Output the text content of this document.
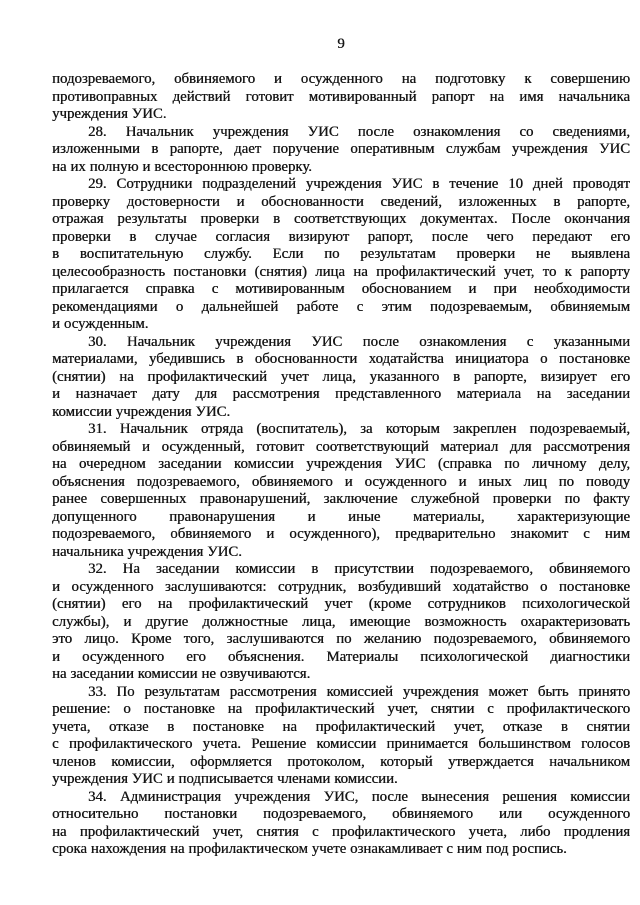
9
подозреваемого, обвиняемого и осужденного на подготовку к совершению
противоправных действий готовит мотивированный рапорт на имя начальника
учреждения УИС.
28. Начальник учреждения УИС после ознакомления со сведениями,
изложенными в рапорте, дает поручение оперативным службам учреждения УИС
на их полную и всестороннюю проверку.
29. Сотрудники подразделений учреждения УИС в течение 10 дней проводят
проверку достоверности и обоснованности сведений, изложенных в рапорте,
отражая результаты проверки в соответствующих документах. После окончания
проверки в случае согласия визируют рапорт, после чего передают его
в воспитательную службу. Если по результатам проверки не выявлена
целесообразность постановки (снятия) лица на профилактический учет, то к рапорту
прилагается справка с мотивированным обоснованием и при необходимости
рекомендациями о дальнейшей работе с этим подозреваемым, обвиняемым
и осужденным.
30. Начальник учреждения УИС после ознакомления с указанными
материалами, убедившись в обоснованности ходатайства инициатора о постановке
(снятии) на профилактический учет лица, указанного в рапорте, визирует его
и назначает дату для рассмотрения представленного материала на заседании
комиссии учреждения УИС.
31. Начальник отряда (воспитатель), за которым закреплен подозреваемый,
обвиняемый и осужденный, готовит соответствующий материал для рассмотрения
на очередном заседании комиссии учреждения УИС (справка по личному делу,
объяснения подозреваемого, обвиняемого и осужденного и иных лиц по поводу
ранее совершенных правонарушений, заключение служебной проверки по факту
допущенного правонарушения и иные материалы, характеризующие
подозреваемого, обвиняемого и осужденного), предварительно знакомит с ним
начальника учреждения УИС.
32. На заседании комиссии в присутствии подозреваемого, обвиняемого
и осужденного заслушиваются: сотрудник, возбудивший ходатайство о постановке
(снятии) его на профилактический учет (кроме сотрудников психологической
службы), и другие должностные лица, имеющие возможность охарактеризовать
это лицо. Кроме того, заслушиваются по желанию подозреваемого, обвиняемого
и осужденного его объяснения. Материалы психологической диагностики
на заседании комиссии не озвучиваются.
33. По результатам рассмотрения комиссией учреждения может быть принято
решение: о постановке на профилактический учет, снятии с профилактического
учета, отказе в постановке на профилактический учет, отказе в снятии
с профилактического учета. Решение комиссии принимается большинством голосов
членов комиссии, оформляется протоколом, который утверждается начальником
учреждения УИС и подписывается членами комиссии.
34. Администрация учреждения УИС, после вынесения решения комиссии
относительно постановки подозреваемого, обвиняемого или осужденного
на профилактический учет, снятия с профилактического учета, либо продления
срока нахождения на профилактическом учете ознакамливает с ним под роспись.
